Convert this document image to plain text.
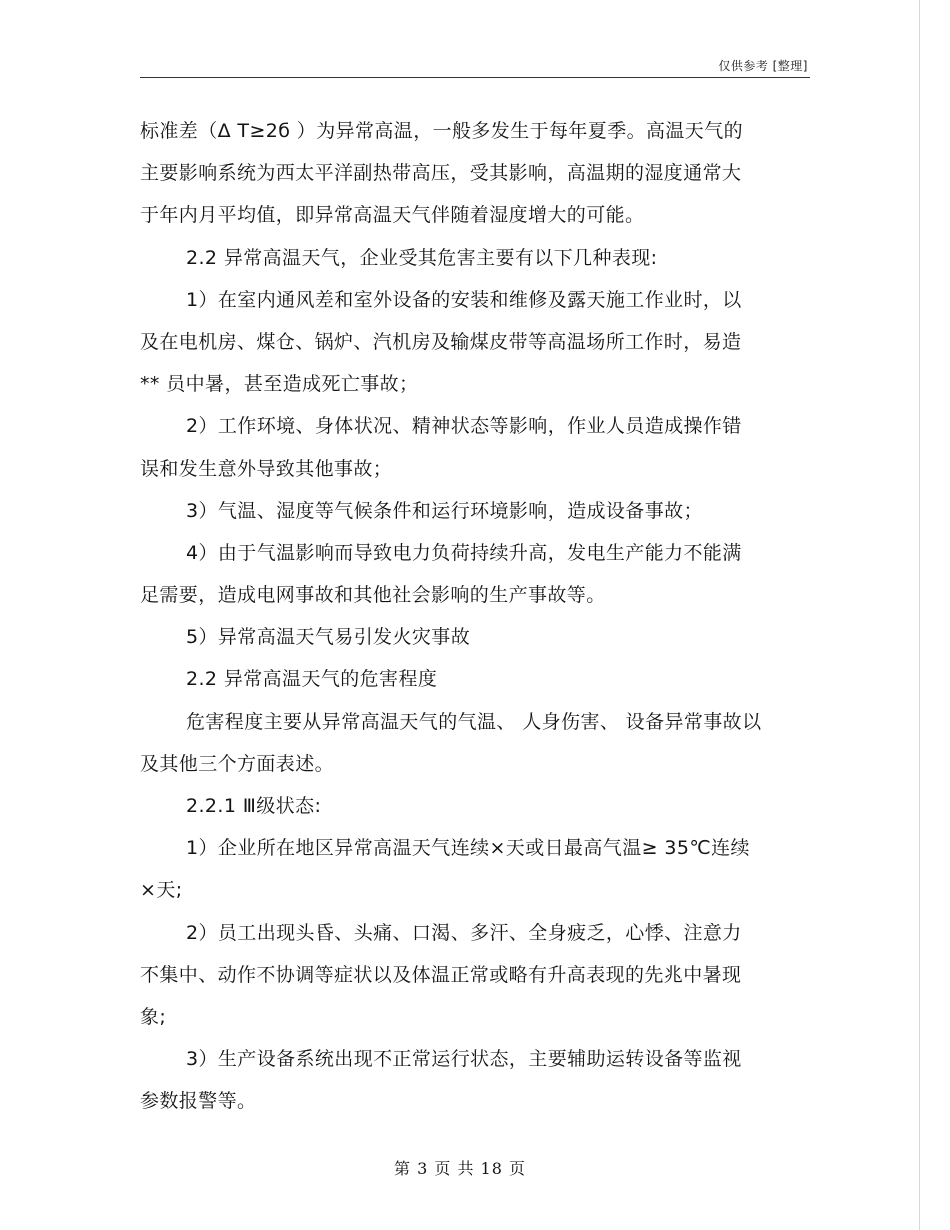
仅供参考 [整理]
标准差（Δ T≥2б ）为异常高温，一般多发生于每年夏季。高温天气的
主要影响系统为西太平洋副热带高压，受其影响，高温期的湿度通常大
于年内月平均值，即异常高温天气伴随着湿度增大的可能。
2.2 异常高温天气，企业受其危害主要有以下几种表现:
1）在室内通风差和室外设备的安装和维修及露天施工作业时，以
及在电机房、煤仓、锅炉、汽机房及输煤皮带等高温场所工作时，易造
** 员中暑，甚至造成死亡事故；
2）工作环境、身体状况、精神状态等影响，作业人员造成操作错
误和发生意外导致其他事故；
3）气温、湿度等气候条件和运行环境影响，造成设备事故；
4）由于气温影响而导致电力负荷持续升高，发电生产能力不能满
足需要，造成电网事故和其他社会影响的生产事故等。
5）异常高温天气易引发火灾事故
2.2 异常高温天气的危害程度
危害程度主要从异常高温天气的气温、 人身伤害、 设备异常事故以
及其他三个方面表述。
2.2.1 Ⅲ级状态:
1）企业所在地区异常高温天气连续×天或日最高气温≥ 35℃连续
×天;
2）员工出现头昏、头痛、口渴、多汗、全身疲乏，心悸、注意力
不集中、动作不协调等症状以及体温正常或略有升高表现的先兆中暑现
象;
3）生产设备系统出现不正常运行状态，主要辅助运转设备等监视
参数报警等。
第 3 页 共 18 页
